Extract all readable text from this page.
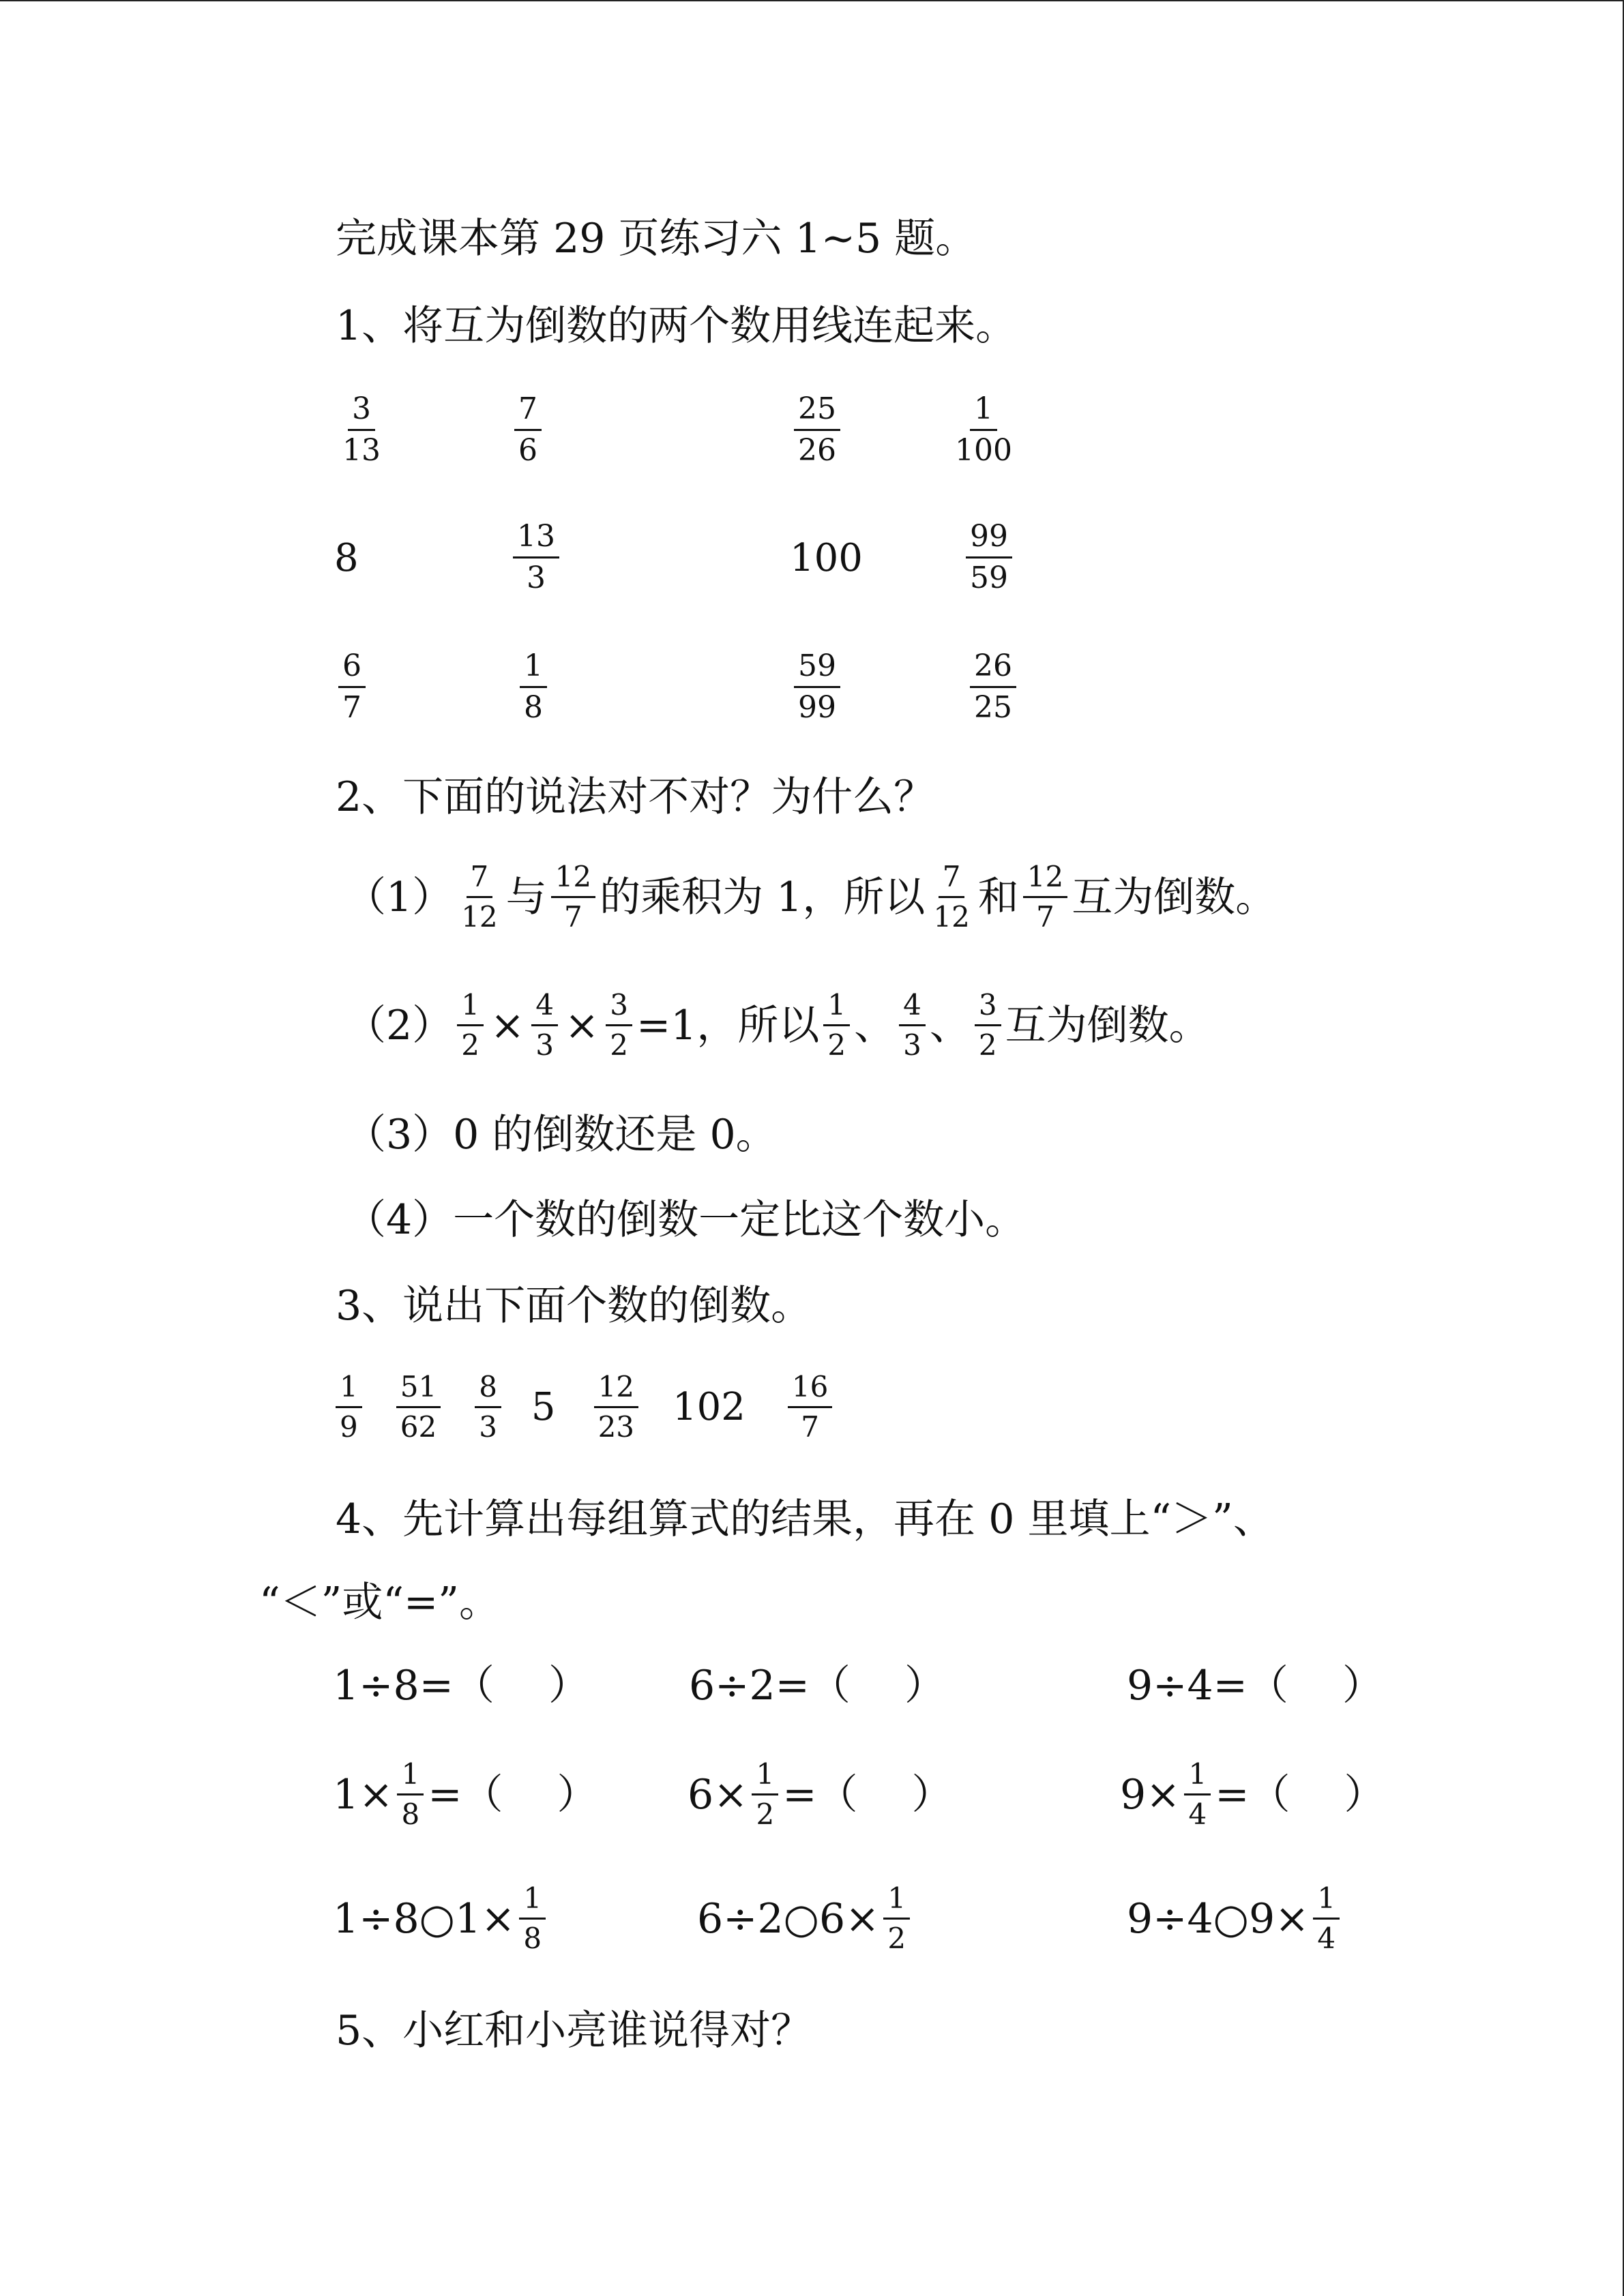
完成课本第 29 页练习六 1~5 题。
1、将互为倒数的两个数用线连起来。
$\frac{3}{13}$	$\frac{7}{6}$	$\frac{25}{26}$	$\frac{1}{100}$
8	$\frac{13}{3}$	100	$\frac{99}{59}$
$\frac{6}{7}$	$\frac{1}{8}$	$\frac{59}{99}$	$\frac{26}{25}$
2、下面的说法对不对？为什么？
$(1) \frac{7}{12}$ 与 $\frac{12}{7}$ 的乘积为 1，所以 $\frac{7}{12}$ 和 $\frac{12}{7}$ 互为倒数。
$(2) \frac{1}{2} \times \frac{4}{3} \times \frac{3}{2} =1$，所以 $\frac{1}{2}$ 、 $\frac{4}{3}$ 、 $\frac{3}{2}$ 互为倒数。
（3）0 的倒数还是 0。
（4）一个数的倒数一定比这个数小。
3、说出下面个数的倒数。
$\frac{1}{9} \frac{51}{62} \frac{8}{3} 5 \frac{12}{23} 102 \frac{16}{7}$
4、先计算出每组算式的结果，再在 0 里填上“＞”、
“＜”或“=”。
1÷8=（　 ） 6÷2=（　 ）	9÷4=（　 ）
$1\times \frac{1}{8}$ =（　 ） $6\times \frac{1}{2}$ =（　 ）	$9\times \frac{1}{4}$ =（　 ）
1÷8○1× $\frac{1}{8}$	6÷2○6× $\frac{1}{2}$	9÷4○9× $\frac{1}{4}$
5、小红和小亮谁说得对？
